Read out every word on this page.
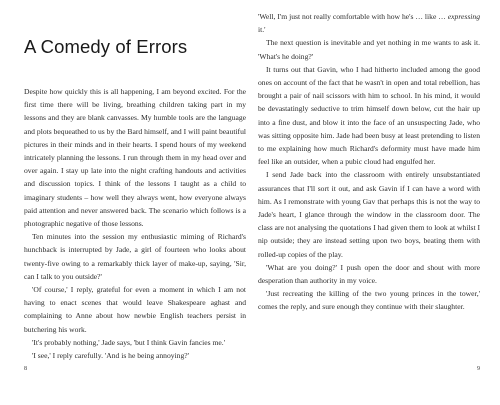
A Comedy of Errors

Despite how quickly this is all happening, I am beyond excited. For the first time there will be living, breathing children taking part in my lessons and they are blank canvasses. My humble tools are the language and plots bequeathed to us by the Bard himself, and I will paint beautiful pictures in their minds and in their hearts. I spend hours of my weekend intricately planning the lessons. I run through them in my head over and over again. I stay up late into the night crafting handouts and activities and discussion topics. I think of the lessons I taught as a child to imaginary students – how well they always went, how everyone always paid attention and never answered back. The scenario which follows is a photographic negative of those lessons.

Ten minutes into the session my enthusiastic miming of Richard's hunchback is interrupted by Jade, a girl of fourteen who looks about twenty-five owing to a remarkably thick layer of make-up, saying, 'Sir, can I talk to you outside?'

'Of course,' I reply, grateful for even a moment in which I am not having to enact scenes that would leave Shakespeare aghast and complaining to Anne about how newbie English teachers persist in butchering his work.

'It's probably nothing,' Jade says, 'but I think Gavin fancies me.'

'I see,' I reply carefully. 'And is he being annoying?'

8

'Well, I'm just not really comfortable with how he's … like … expressing it.'

The next question is inevitable and yet nothing in me wants to ask it. 'What's he doing?'

It turns out that Gavin, who I had hitherto included among the good ones on account of the fact that he wasn't in open and total rebellion, has brought a pair of nail scissors with him to school. In his mind, it would be devastatingly seductive to trim himself down below, cut the hair up into a fine dust, and blow it into the face of an unsuspecting Jade, who was sitting opposite him. Jade had been busy at least pretending to listen to me explaining how much Richard's deformity must have made him feel like an outsider, when a pubic cloud had engulfed her.

I send Jade back into the classroom with entirely unsubstantiated assurances that I'll sort it out, and ask Gavin if I can have a word with him. As I remonstrate with young Gav that perhaps this is not the way to Jade's heart, I glance through the window in the classroom door. The class are not analysing the quotations I had given them to look at whilst I nip outside; they are instead setting upon two boys, beating them with rolled-up copies of the play.

'What are you doing?' I push open the door and shout with more desperation than authority in my voice.

'Just recreating the killing of the two young princes in the tower,' comes the reply, and sure enough they continue with their slaughter.

9
